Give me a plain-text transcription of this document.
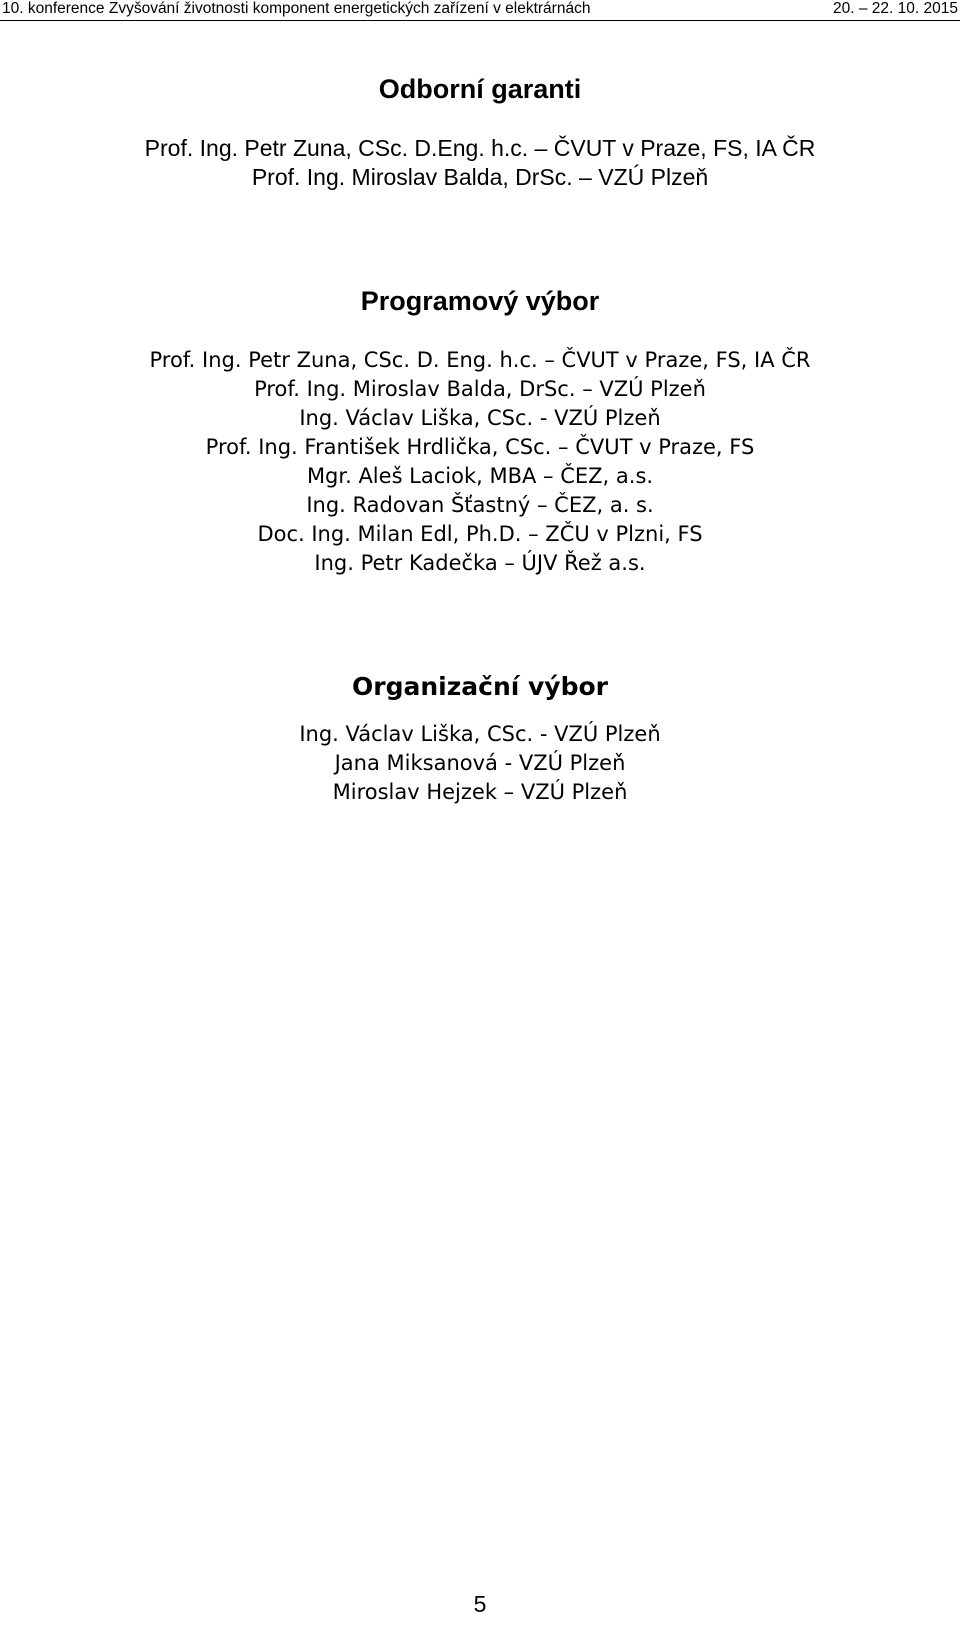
10. konference Zvyšování životnosti komponent energetických zařízení v elektrárnách	20. – 22. 10. 2015
Odborní garanti
Prof. Ing. Petr Zuna, CSc. D.Eng. h.c. – ČVUT v Praze, FS, IA ČR
Prof. Ing. Miroslav Balda, DrSc. – VZÚ Plzeň
Programový výbor
Prof. Ing. Petr Zuna, CSc. D. Eng. h.c. – ČVUT v Praze, FS, IA ČR
Prof. Ing. Miroslav Balda, DrSc. – VZÚ Plzeň
Ing. Václav Liška, CSc. - VZÚ Plzeň
Prof. Ing. František Hrdlička, CSc. – ČVUT v Praze, FS
Mgr. Aleš Laciok, MBA – ČEZ, a.s.
Ing. Radovan Šťastný – ČEZ, a. s.
Doc. Ing. Milan Edl, Ph.D. – ZČU v Plzni, FS
Ing. Petr Kadečka – ÚJV Řež a.s.
Organizační výbor
Ing. Václav Liška, CSc. - VZÚ Plzeň
Jana Miksanová - VZÚ Plzeň
Miroslav Hejzek – VZÚ Plzeň
5
